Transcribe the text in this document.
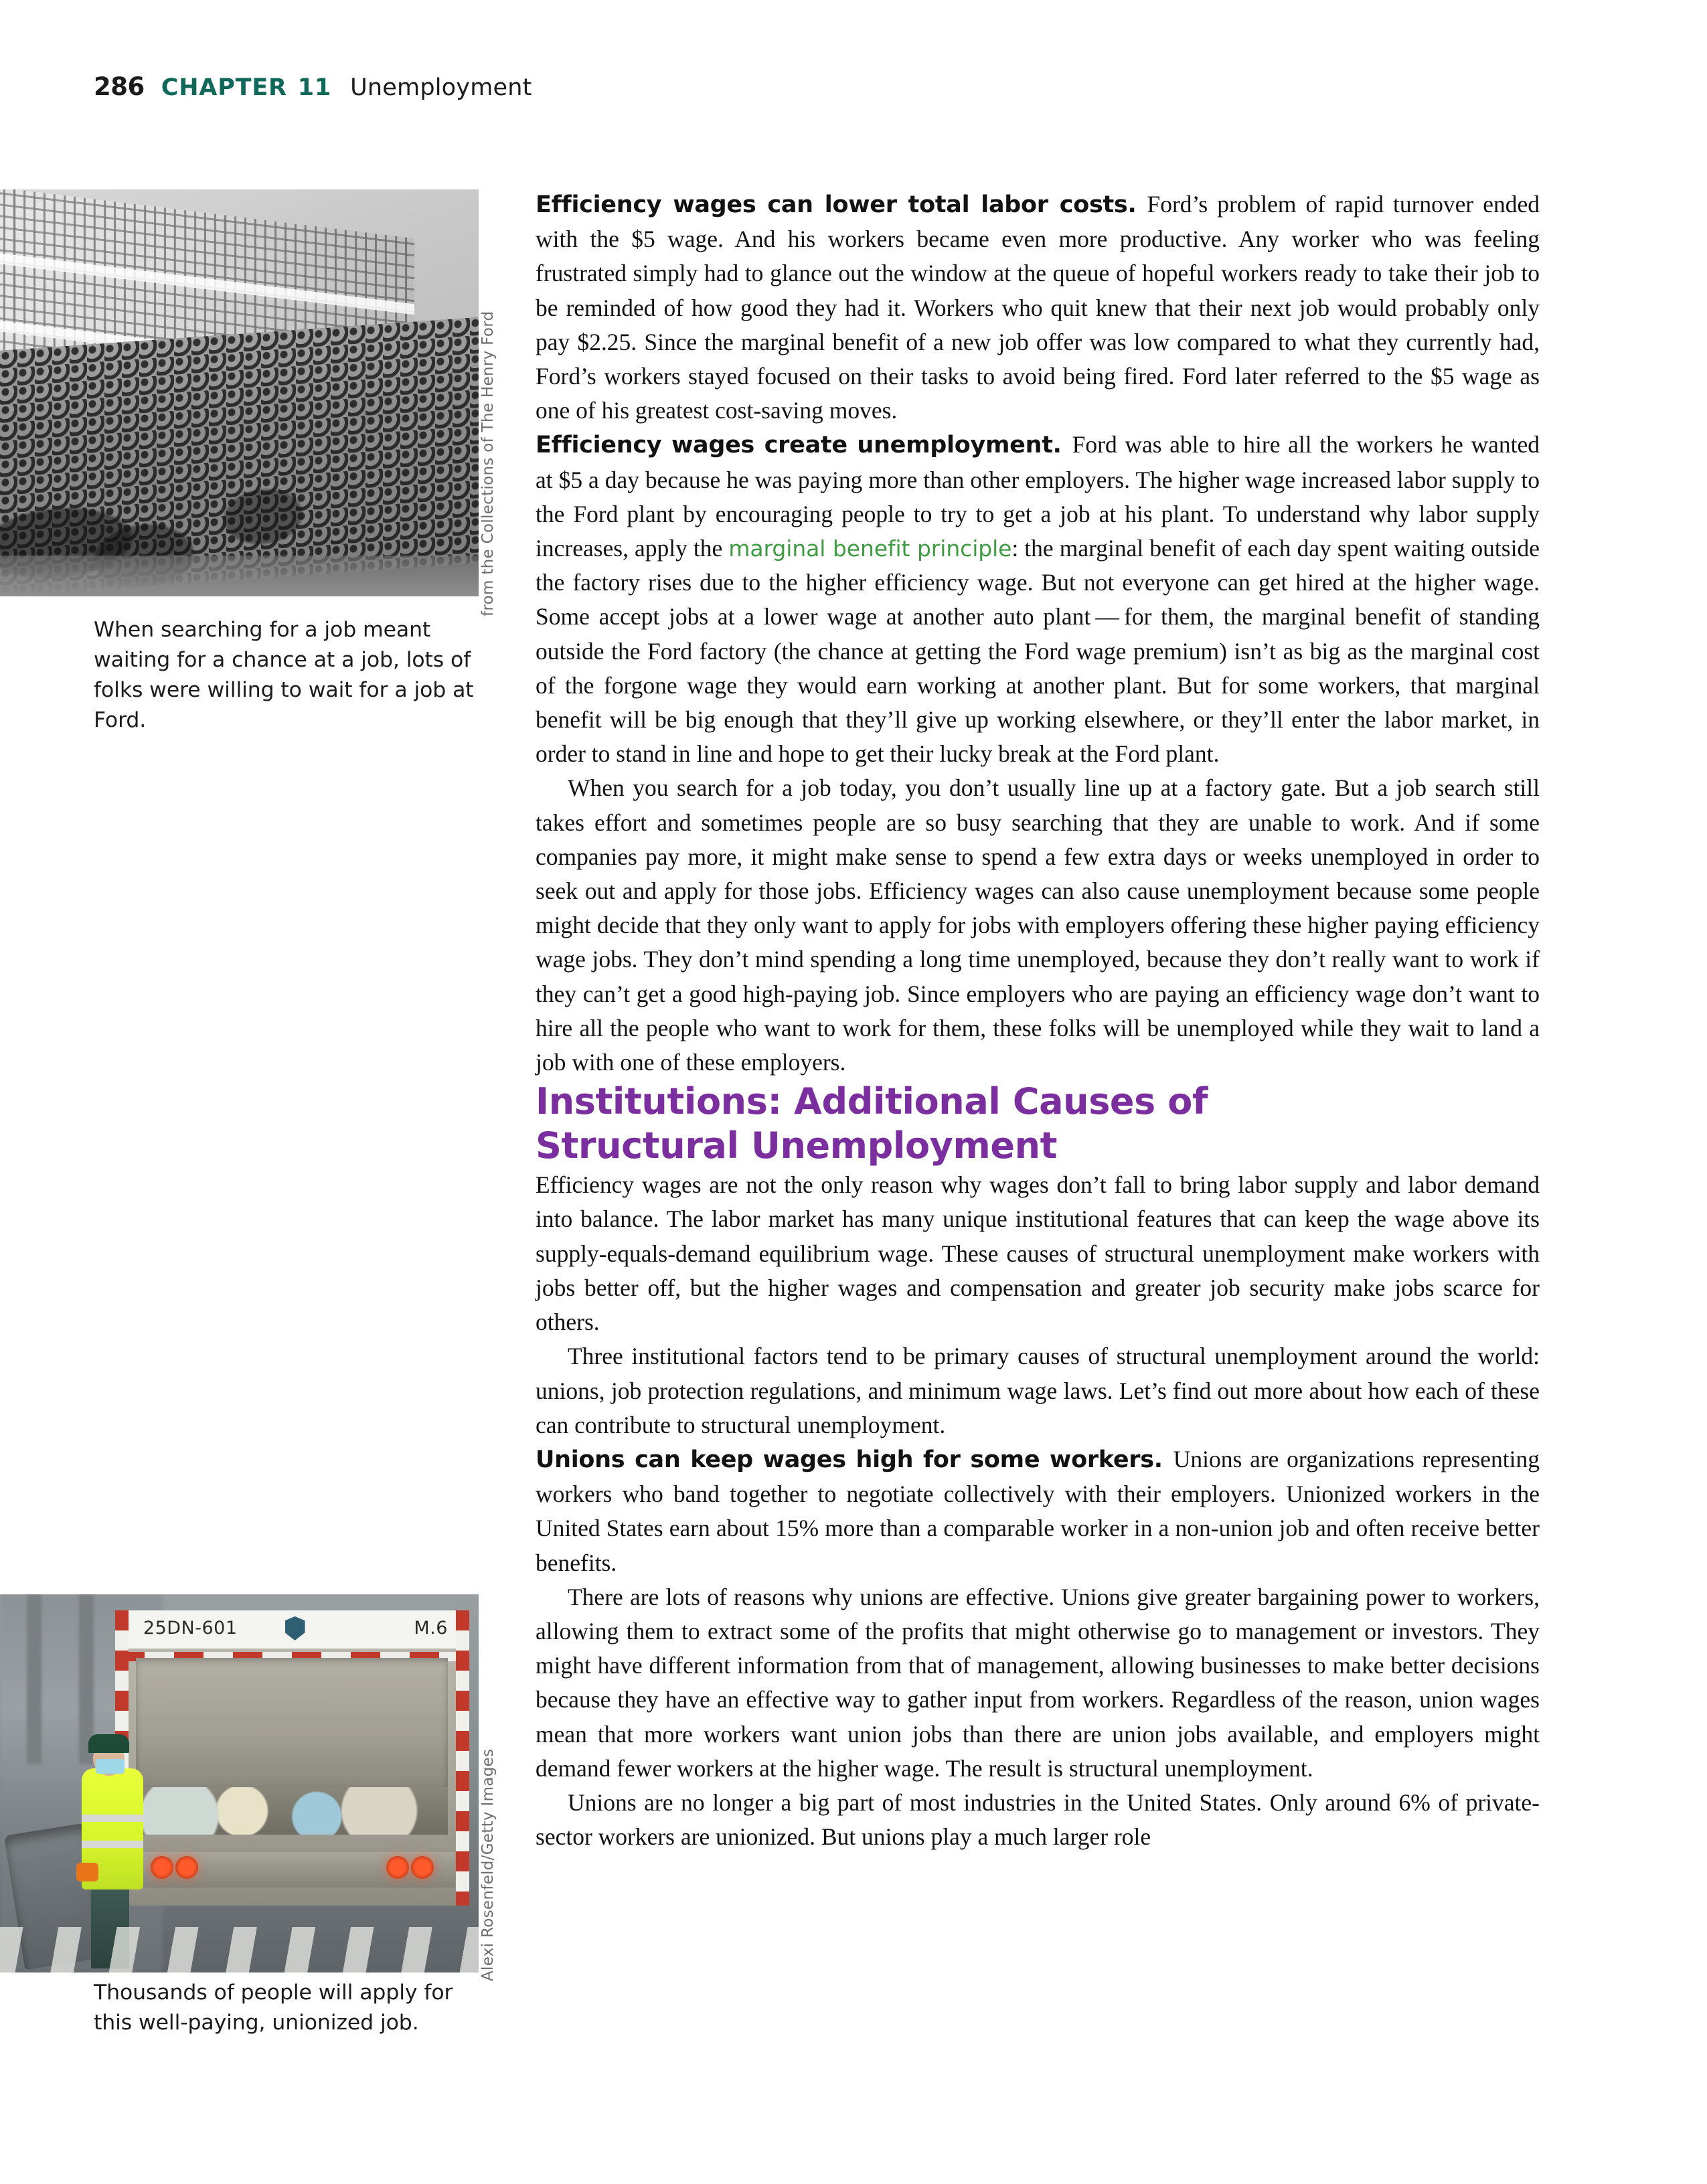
286 CHAPTER 11 Unemployment
from the Collections of The Henry Ford
When searching for a job meant waiting for a chance at a job, lots of folks were willing to wait for a job at Ford.
25DN-601	M.6
Alexi Rosenfeld/Getty Images
Thousands of people will apply for this well-paying, unionized job.

Efficiency wages can lower total labor costs. Ford’s problem of rapid turnover ended with the $5 wage. And his workers became even more productive. Any worker who was feeling frustrated simply had to glance out the window at the queue of hopeful workers ready to take their job to be reminded of how good they had it. Workers who quit knew that their next job would probably only pay $2.25. Since the marginal benefit of a new job offer was low compared to what they currently had, Ford’s workers stayed focused on their tasks to avoid being fired. Ford later referred to the $5 wage as one of his greatest cost-saving moves.

Efficiency wages create unemployment. Ford was able to hire all the workers he wanted at $5 a day because he was paying more than other employers. The higher wage increased labor supply to the Ford plant by encouraging people to try to get a job at his plant. To understand why labor supply increases, apply the marginal benefit principle: the marginal benefit of each day spent waiting outside the factory rises due to the higher efficiency wage. But not everyone can get hired at the higher wage. Some accept jobs at a lower wage at another auto plant — for them, the marginal benefit of standing outside the Ford factory (the chance at getting the Ford wage premium) isn’t as big as the marginal cost of the forgone wage they would earn working at another plant. But for some workers, that marginal benefit will be big enough that they’ll give up working elsewhere, or they’ll enter the labor market, in order to stand in line and hope to get their lucky break at the Ford plant.

When you search for a job today, you don’t usually line up at a factory gate. But a job search still takes effort and sometimes people are so busy searching that they are unable to work. And if some companies pay more, it might make sense to spend a few extra days or weeks unemployed in order to seek out and apply for those jobs. Efficiency wages can also cause unemployment because some people might decide that they only want to apply for jobs with employers offering these higher paying efficiency wage jobs. They don’t mind spending a long time unemployed, because they don’t really want to work if they can’t get a good high-paying job. Since employers who are paying an efficiency wage don’t want to hire all the people who want to work for them, these folks will be unemployed while they wait to land a job with one of these employers.

Institutions: Additional Causes of
Structural Unemployment

Efficiency wages are not the only reason why wages don’t fall to bring labor supply and labor demand into balance. The labor market has many unique institutional features that can keep the wage above its supply-equals-demand equilibrium wage. These causes of structural unemployment make workers with jobs better off, but the higher wages and compensation and greater job security make jobs scarce for others.

Three institutional factors tend to be primary causes of structural unemployment around the world: unions, job protection regulations, and minimum wage laws. Let’s find out more about how each of these can contribute to structural unemployment.

Unions can keep wages high for some workers. Unions are organizations representing workers who band together to negotiate collectively with their employers. Unionized workers in the United States earn about 15% more than a comparable worker in a non-union job and often receive better benefits.

There are lots of reasons why unions are effective. Unions give greater bargaining power to workers, allowing them to extract some of the profits that might otherwise go to management or investors. They might have different information from that of management, allowing businesses to make better decisions because they have an effective way to gather input from workers. Regardless of the reason, union wages mean that more workers want union jobs than there are union jobs available, and employers might demand fewer workers at the higher wage. The result is structural unemployment.

Unions are no longer a big part of most industries in the United States. Only around 6% of private-sector workers are unionized. But unions play a much larger role
